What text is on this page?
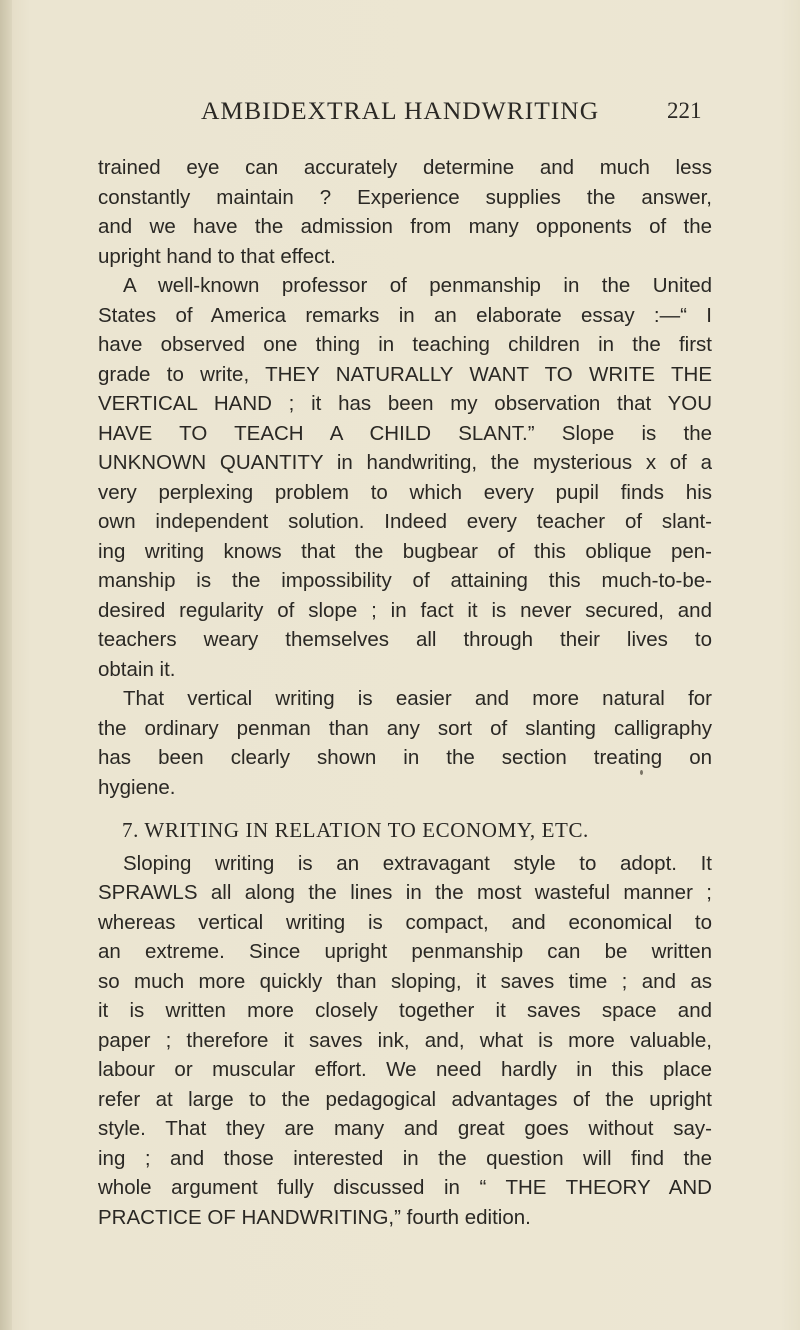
AMBIDEXTRAL HANDWRITING	221
trained eye can accurately determine and much less
constantly maintain ? Experience supplies the answer,
and we have the admission from many opponents of the
upright hand to that effect.
A well-known professor of penmanship in the United
States of America remarks in an elaborate essay :—“ I
have observed one thing in teaching children in the first
grade to write, THEY NATURALLY WANT TO WRITE THE
VERTICAL HAND ; it has been my observation that YOU
HAVE TO TEACH A CHILD SLANT.” Slope is the
UNKNOWN QUANTITY in handwriting, the mysterious x of a
very perplexing problem to which every pupil finds his
own independent solution. Indeed every teacher of slant-
ing writing knows that the bugbear of this oblique pen-
manship is the impossibility of attaining this much-to-be-
desired regularity of slope ; in fact it is never secured, and
teachers weary themselves all through their lives to
obtain it.
That vertical writing is easier and more natural for
the ordinary penman than any sort of slanting calligraphy
has been clearly shown in the section treating on
hygiene.
7. WRITING IN RELATION TO ECONOMY, ETC.
Sloping writing is an extravagant style to adopt. It
SPRAWLS all along the lines in the most wasteful manner ;
whereas vertical writing is compact, and economical to
an extreme. Since upright penmanship can be written
so much more quickly than sloping, it saves time ; and as
it is written more closely together it saves space and
paper ; therefore it saves ink, and, what is more valuable,
labour or muscular effort. We need hardly in this place
refer at large to the pedagogical advantages of the upright
style. That they are many and great goes without say-
ing ; and those interested in the question will find the
whole argument fully discussed in “ THE THEORY AND
PRACTICE OF HANDWRITING,” fourth edition.
